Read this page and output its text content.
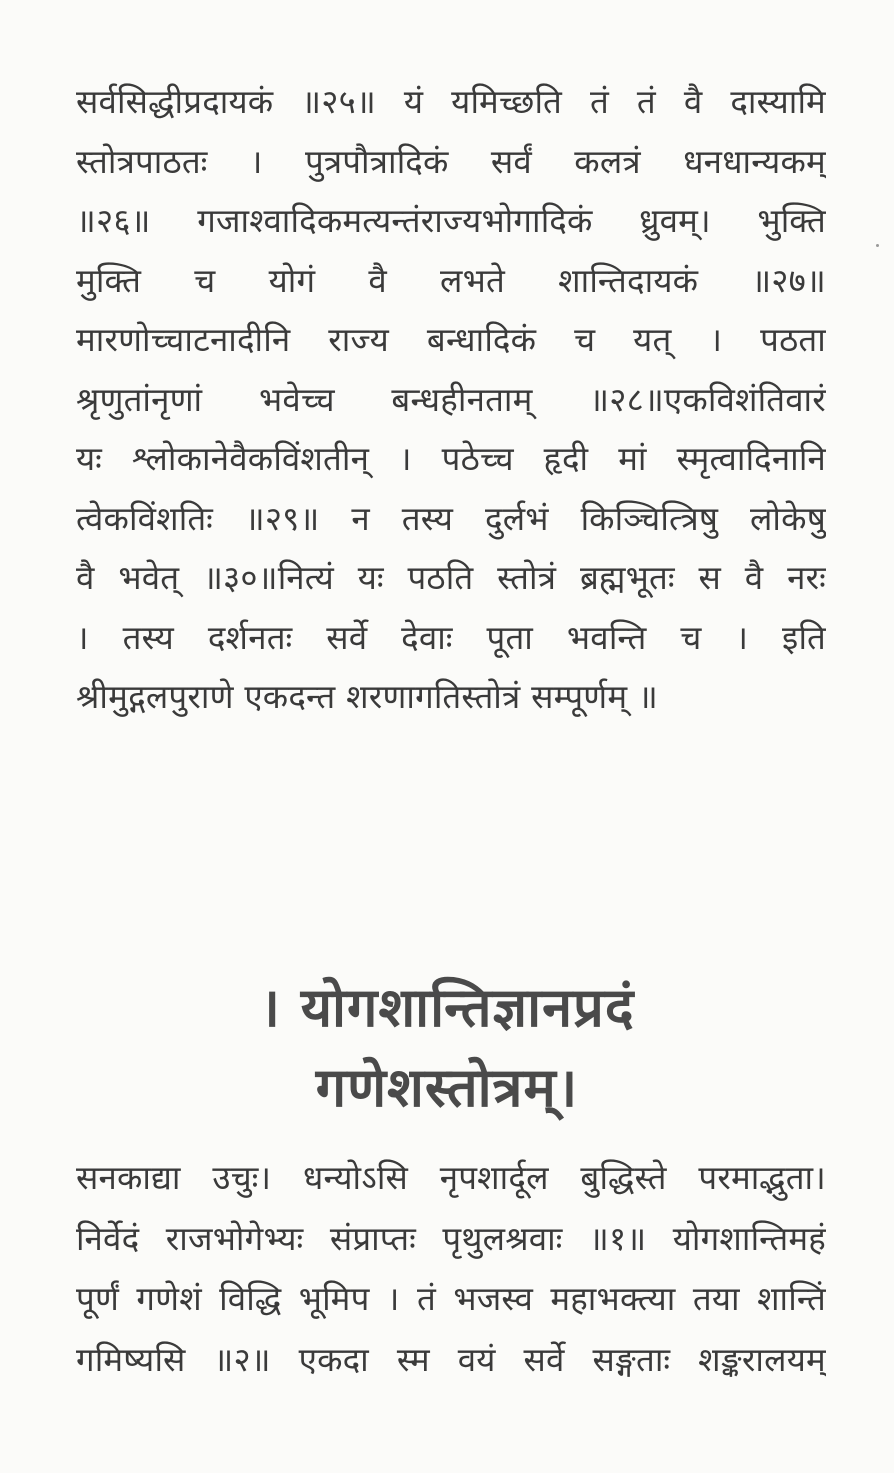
सर्वसिद्धीप्रदायकं ॥२५॥ यं यमिच्छति तं तं वै दास्यामि
स्तोत्रपाठतः । पुत्रपौत्रादिकं सर्वं कलत्रं धनधान्यकम्
॥२६॥ गजाश्वादिकमत्यन्तंराज्यभोगादिकं ध्रुवम्। भुक्ति
मुक्ति च योगं वै लभते शान्तिदायकं ॥२७॥
मारणोच्चाटनादीनि राज्य बन्धादिकं च यत् । पठता
श्रृणुतांनृणां भवेच्च बन्धहीनताम् ॥२८॥एकविशंतिवारं
यः श्लोकानेवैकविंशतीन् । पठेच्च हृदी मां स्मृत्वादिनानि
त्वेकविंशतिः ॥२९॥ न तस्य दुर्लभं किञ्चित्त्रिषु लोकेषु
वै भवेत् ॥३०॥नित्यं यः पठति स्तोत्रं ब्रह्मभूतः स वै नरः
। तस्य दर्शनतः सर्वे देवाः पूता भवन्ति च । इति
श्रीमुद्गलपुराणे एकदन्त शरणागतिस्तोत्रं सम्पूर्णम् ॥
। योगशान्तिज्ञानप्रदं
गणेशस्तोत्रम्।
सनकाद्या उचुः। धन्योऽसि नृपशार्दूल बुद्धिस्ते परमाद्भुता।
निर्वेदं राजभोगेभ्यः संप्राप्तः पृथुलश्रवाः ॥१॥ योगशान्तिमहं
पूर्णं गणेशं विद्धि भूमिप । तं भजस्व महाभक्त्या तया शान्तिं
गमिष्यसि ॥२॥ एकदा स्म वयं सर्वे सङ्गताः शङ्करालयम्
